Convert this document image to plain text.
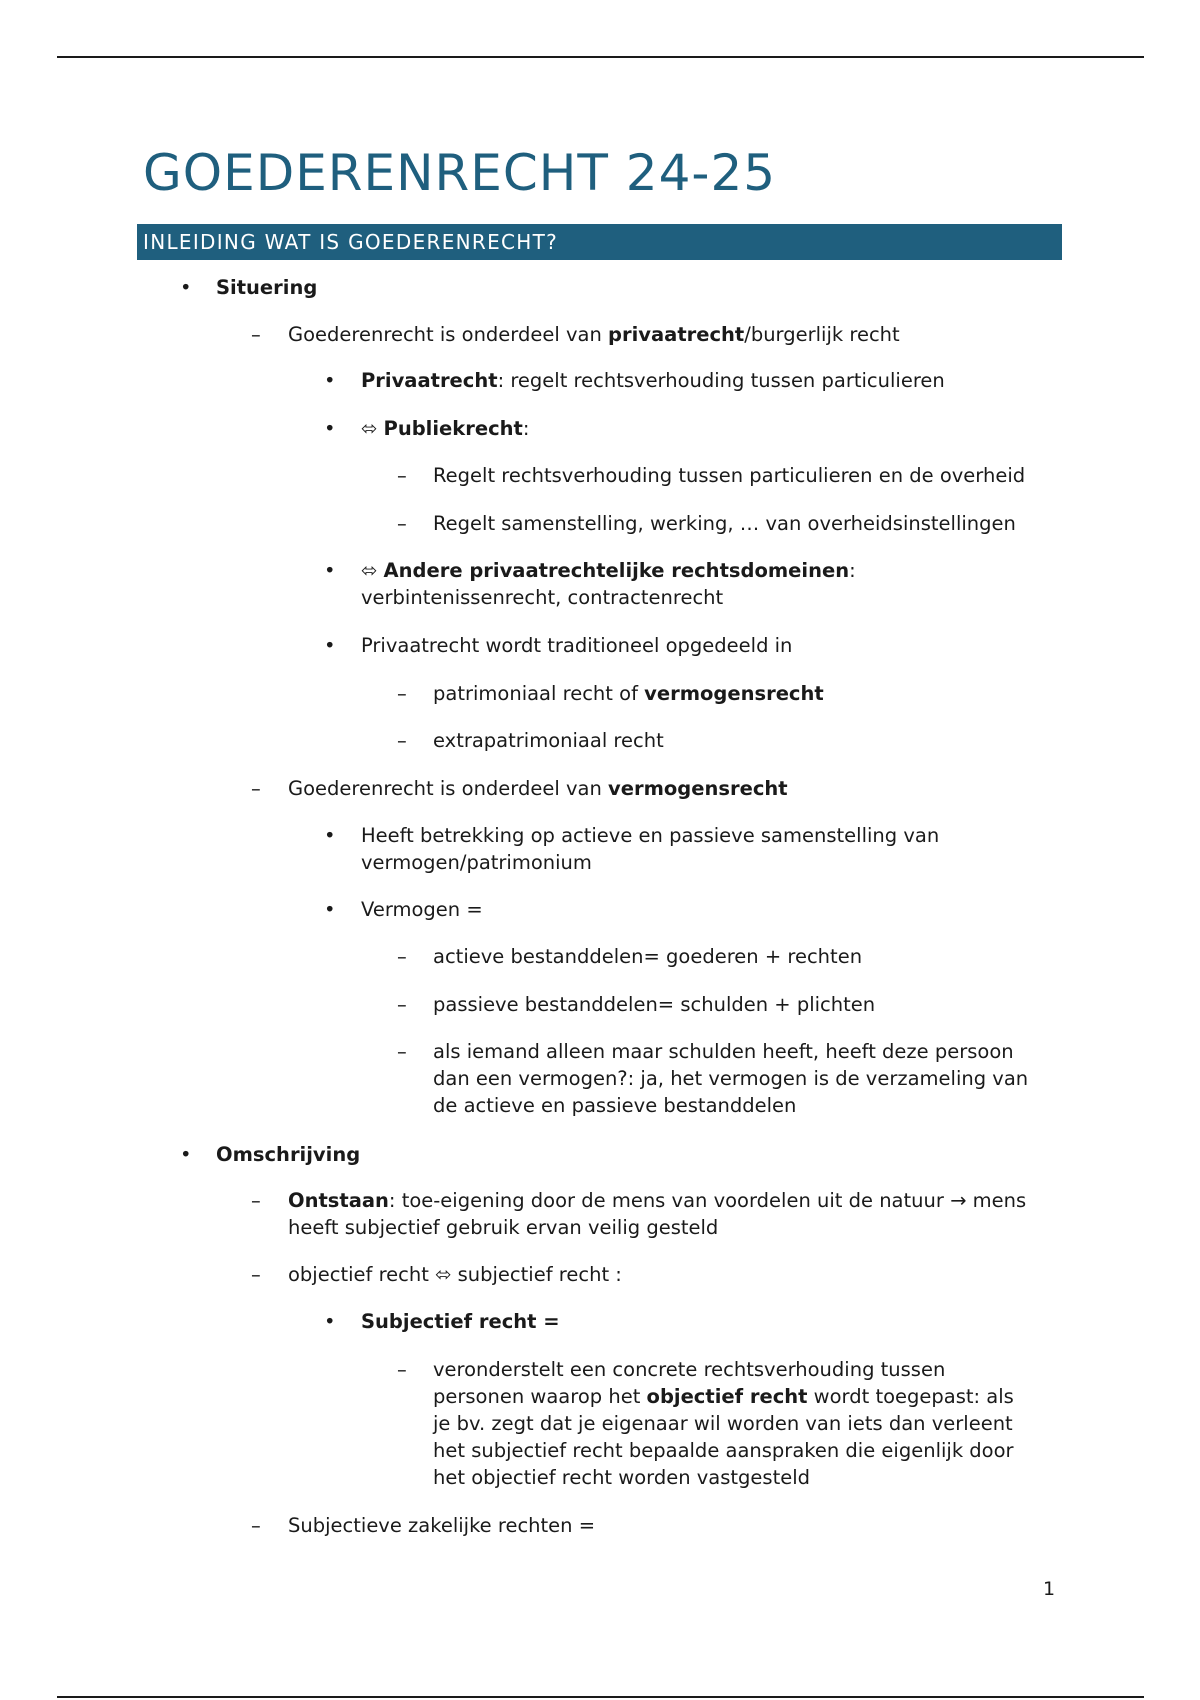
GOEDERENRECHT 24-25
INLEIDING WAT IS GOEDERENRECHT?
• Situering
– Goederenrecht is onderdeel van privaatrecht/burgerlijk recht
• Privaatrecht: regelt rechtsverhouding tussen particulieren
• ⬄ Publiekrecht:
– Regelt rechtsverhouding tussen particulieren en de overheid
– Regelt samenstelling, werking, … van overheidsinstellingen
• ⬄ Andere privaatrechtelijke rechtsdomeinen:
verbintenissenrecht, contractenrecht
• Privaatrecht wordt traditioneel opgedeeld in
– patrimoniaal recht of vermogensrecht
– extrapatrimoniaal recht
– Goederenrecht is onderdeel van vermogensrecht
• Heeft betrekking op actieve en passieve samenstelling van
vermogen/patrimonium
• Vermogen =
– actieve bestanddelen= goederen + rechten
– passieve bestanddelen= schulden + plichten
– als iemand alleen maar schulden heeft, heeft deze persoon
dan een vermogen?: ja, het vermogen is de verzameling van
de actieve en passieve bestanddelen
• Omschrijving
– Ontstaan: toe-eigening door de mens van voordelen uit de natuur → mens
heeft subjectief gebruik ervan veilig gesteld
– objectief recht ⬄ subjectief recht :
• Subjectief recht =
– veronderstelt een concrete rechtsverhouding tussen
personen waarop het objectief recht wordt toegepast: als
je bv. zegt dat je eigenaar wil worden van iets dan verleent
het subjectief recht bepaalde aanspraken die eigenlijk door
het objectief recht worden vastgesteld
– Subjectieve zakelijke rechten =
1
